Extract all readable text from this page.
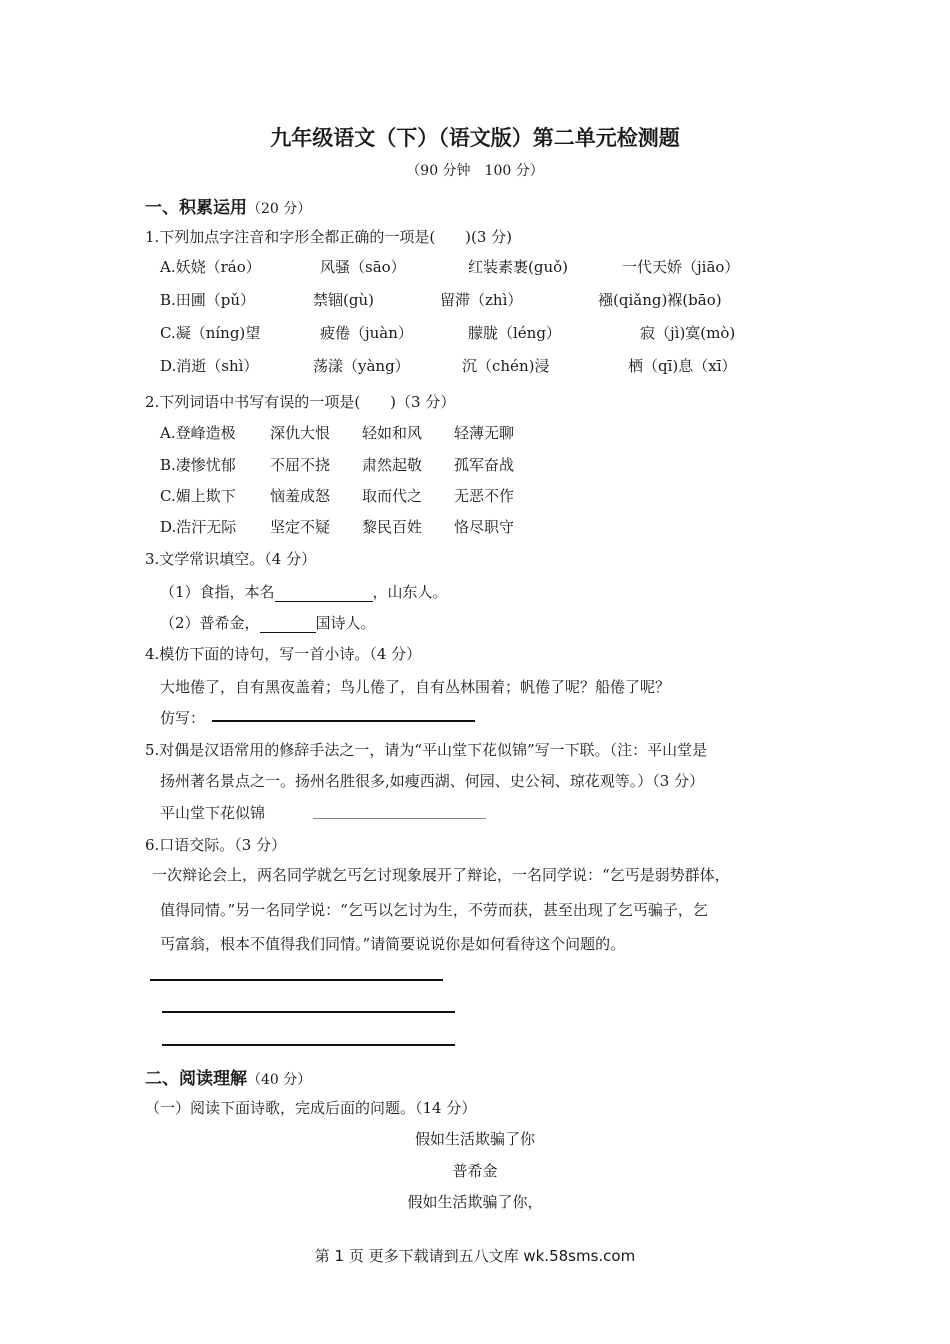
九年级语文（下）（语文版）第二单元检测题
（90 分钟　100 分）
一、积累运用（20 分）
1.下列加点字注音和字形全都正确的一项是(　　)(3 分)
A.妖娆（ráo）	风骚（sāo）	红装素裹(guǒ)	一代天娇（jiāo）
B.田圃（pǔ）	禁锢(gù)	留滞（zhì）	襁(qiǎng)褓(bāo)
C.凝（níng)望	疲倦（juàn）	朦胧（léng）	寂（jì)寞(mò)
D.消逝（shì）	荡漾（yàng）	沉（chén)浸	栖（qī)息（xī）
2.下列词语中书写有误的一项是(　　)（3 分）
A.登峰造极 深仇大恨 轻如和风 轻薄无聊
B.凄惨忧郁 不屈不挠 肃然起敬 孤军奋战
C.媚上欺下 恼羞成怒 取而代之 无恶不作
D.浩汗无际 坚定不疑 黎民百姓 恪尽职守
3.文学常识填空。（4 分）
（1）食指，本名	，山东人。
（2）普希金，	国诗人。
4.模仿下面的诗句，写一首小诗。（4 分）
大地倦了，自有黑夜盖着；鸟儿倦了，自有丛林围着；帆倦了呢？船倦了呢？
仿写：
5.对偶是汉语常用的修辞手法之一，请为“平山堂下花似锦”写一下联。（注：平山堂是
扬州著名景点之一。扬州名胜很多,如瘦西湖、何园、史公祠、琼花观等。）（3 分）
平山堂下花似锦
6.口语交际。（3 分）
一次辩论会上，两名同学就乞丐乞讨现象展开了辩论，一名同学说：“乞丐是弱势群体，
值得同情。”另一名同学说：“乞丐以乞讨为生，不劳而获，甚至出现了乞丐骗子，乞
丐富翁，根本不值得我们同情。”请简要说说你是如何看待这个问题的。
二、阅读理解（40 分）
（一）阅读下面诗歌，完成后面的问题。（14 分）
假如生活欺骗了你
普希金
假如生活欺骗了你，
第 1 页 更多下载请到五八文库 wk.58sms.com
